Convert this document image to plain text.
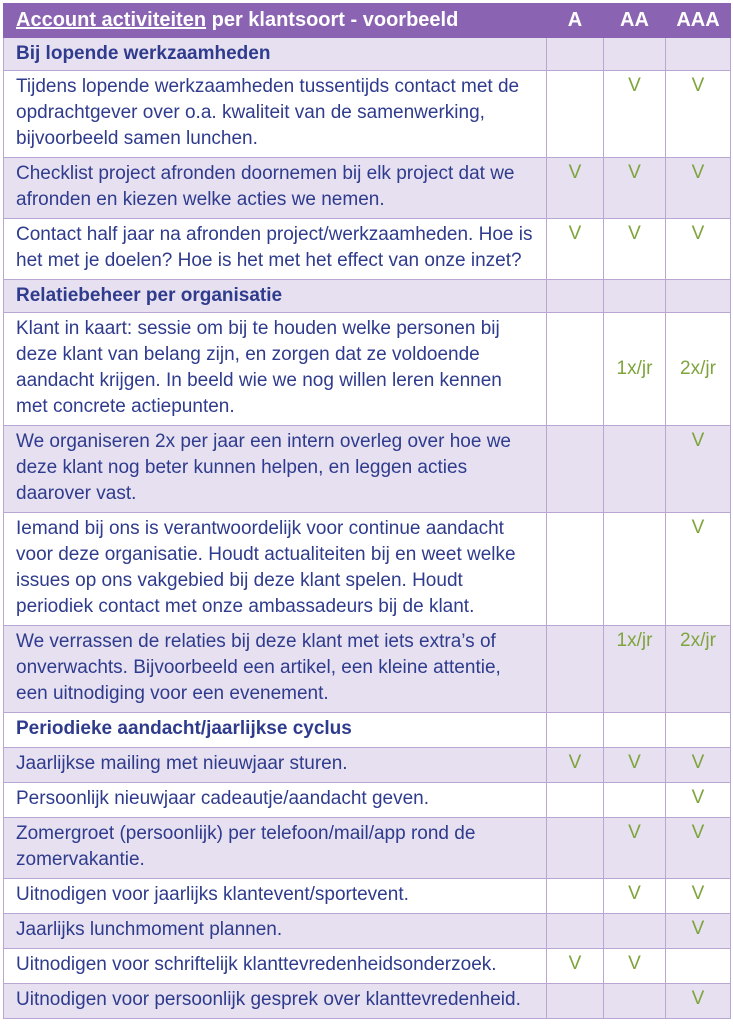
Account activiteiten per klantsoort - voorbeeld	A	AA	AAA
Bij lopende werkzaamheden			
Tijdens lopende werkzaamheden tussentijds contact met de opdrachtgever over o.a. kwaliteit van de samenwerking, bijvoorbeeld samen lunchen.		V	V
Checklist project afronden doornemen bij elk project dat we afronden en kiezen welke acties we nemen.	V	V	V
Contact half jaar na afronden project/werkzaamheden. Hoe is het met je doelen? Hoe is het met het effect van onze inzet?	V	V	V
Relatiebeheer per organisatie			
Klant in kaart: sessie om bij te houden welke personen bij deze klant van belang zijn, en zorgen dat ze voldoende aandacht krijgen. In beeld wie we nog willen leren kennen met concrete actiepunten.		1x/jr	2x/jr
We organiseren 2x per jaar een intern overleg over hoe we deze klant nog beter kunnen helpen, en leggen acties daarover vast.			V
Iemand bij ons is verantwoordelijk voor continue aandacht voor deze organisatie. Houdt actualiteiten bij en weet welke issues op ons vakgebied bij deze klant spelen. Houdt periodiek contact met onze ambassadeurs bij de klant.			V
We verrassen de relaties bij deze klant met iets extra’s of onverwachts. Bijvoorbeeld een artikel, een kleine attentie, een uitnodiging voor een evenement.		1x/jr	2x/jr
Periodieke aandacht/jaarlijkse cyclus			
Jaarlijkse mailing met nieuwjaar sturen.	V	V	V
Persoonlijk nieuwjaar cadeautje/aandacht geven.			V
Zomergroet (persoonlijk) per telefoon/mail/app rond de zomervakantie.		V	V
Uitnodigen voor jaarlijks klantevent/sportevent.		V	V
Jaarlijks lunchmoment plannen.			V
Uitnodigen voor schriftelijk klanttevredenheidsonderzoek.	V	V	
Uitnodigen voor persoonlijk gesprek over klanttevredenheid.			V
